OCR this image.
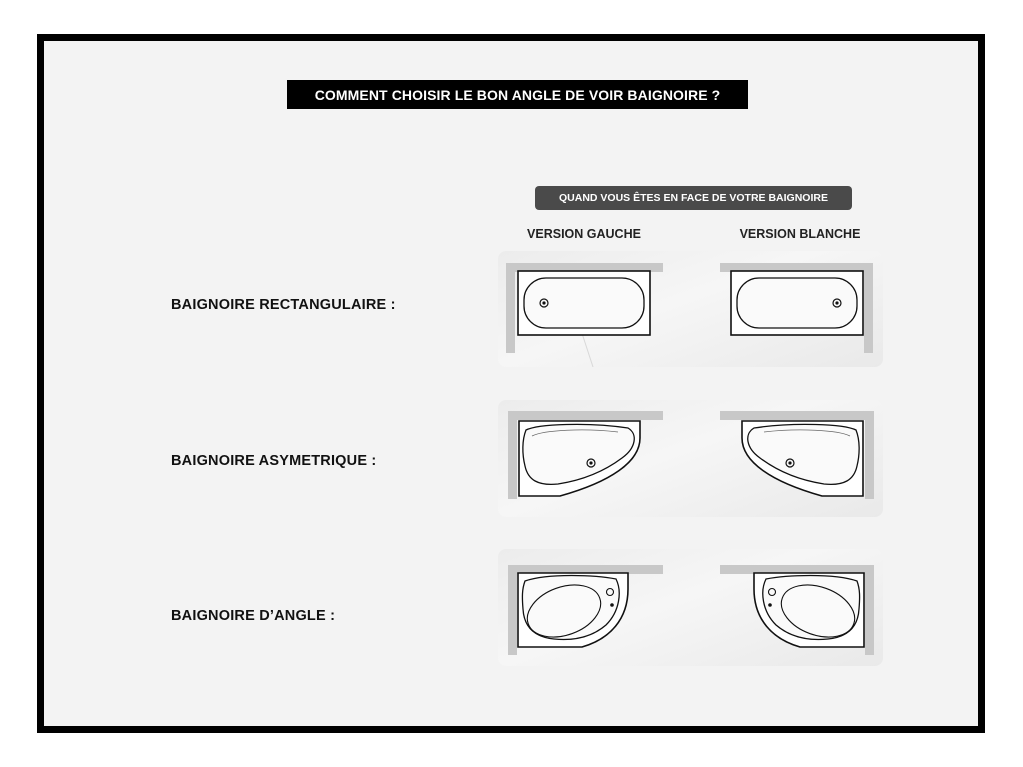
COMMENT CHOISIR LE BON ANGLE DE VOIR BAIGNOIRE ?
QUAND VOUS ÊTES EN FACE DE VOTRE BAIGNOIRE
VERSION GAUCHE	VERSION BLANCHE
BAIGNOIRE RECTANGULAIRE :
BAIGNOIRE ASYMETRIQUE :
BAIGNOIRE D’ANGLE :
